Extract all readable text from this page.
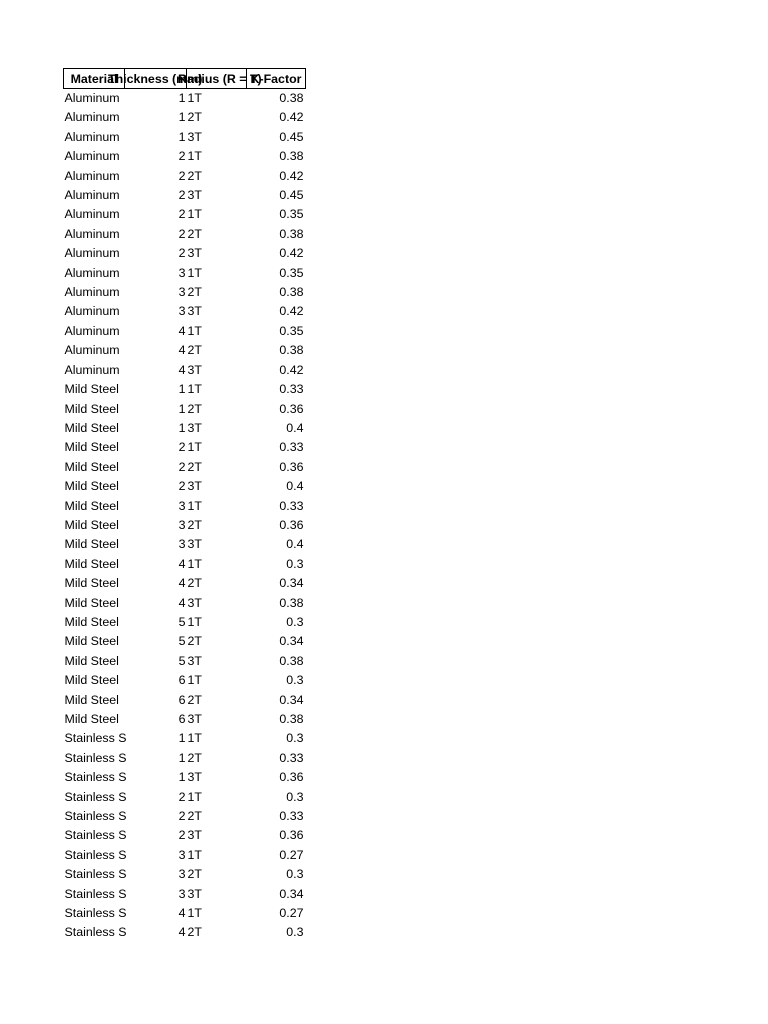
Material	Thickness (mm)	Radius (R = T)	K-Factor
Aluminum	1	1T	0.38
Aluminum	1	2T	0.42
Aluminum	1	3T	0.45
Aluminum	2	1T	0.38
Aluminum	2	2T	0.42
Aluminum	2	3T	0.45
Aluminum	2	1T	0.35
Aluminum	2	2T	0.38
Aluminum	2	3T	0.42
Aluminum	3	1T	0.35
Aluminum	3	2T	0.38
Aluminum	3	3T	0.42
Aluminum	4	1T	0.35
Aluminum	4	2T	0.38
Aluminum	4	3T	0.42
Mild Steel	1	1T	0.33
Mild Steel	1	2T	0.36
Mild Steel	1	3T	0.4
Mild Steel	2	1T	0.33
Mild Steel	2	2T	0.36
Mild Steel	2	3T	0.4
Mild Steel	3	1T	0.33
Mild Steel	3	2T	0.36
Mild Steel	3	3T	0.4
Mild Steel	4	1T	0.3
Mild Steel	4	2T	0.34
Mild Steel	4	3T	0.38
Mild Steel	5	1T	0.3
Mild Steel	5	2T	0.34
Mild Steel	5	3T	0.38
Mild Steel	6	1T	0.3
Mild Steel	6	2T	0.34
Mild Steel	6	3T	0.38
Stainless S	1	1T	0.3
Stainless S	1	2T	0.33
Stainless S	1	3T	0.36
Stainless S	2	1T	0.3
Stainless S	2	2T	0.33
Stainless S	2	3T	0.36
Stainless S	3	1T	0.27
Stainless S	3	2T	0.3
Stainless S	3	3T	0.34
Stainless S	4	1T	0.27
Stainless S	4	2T	0.3
